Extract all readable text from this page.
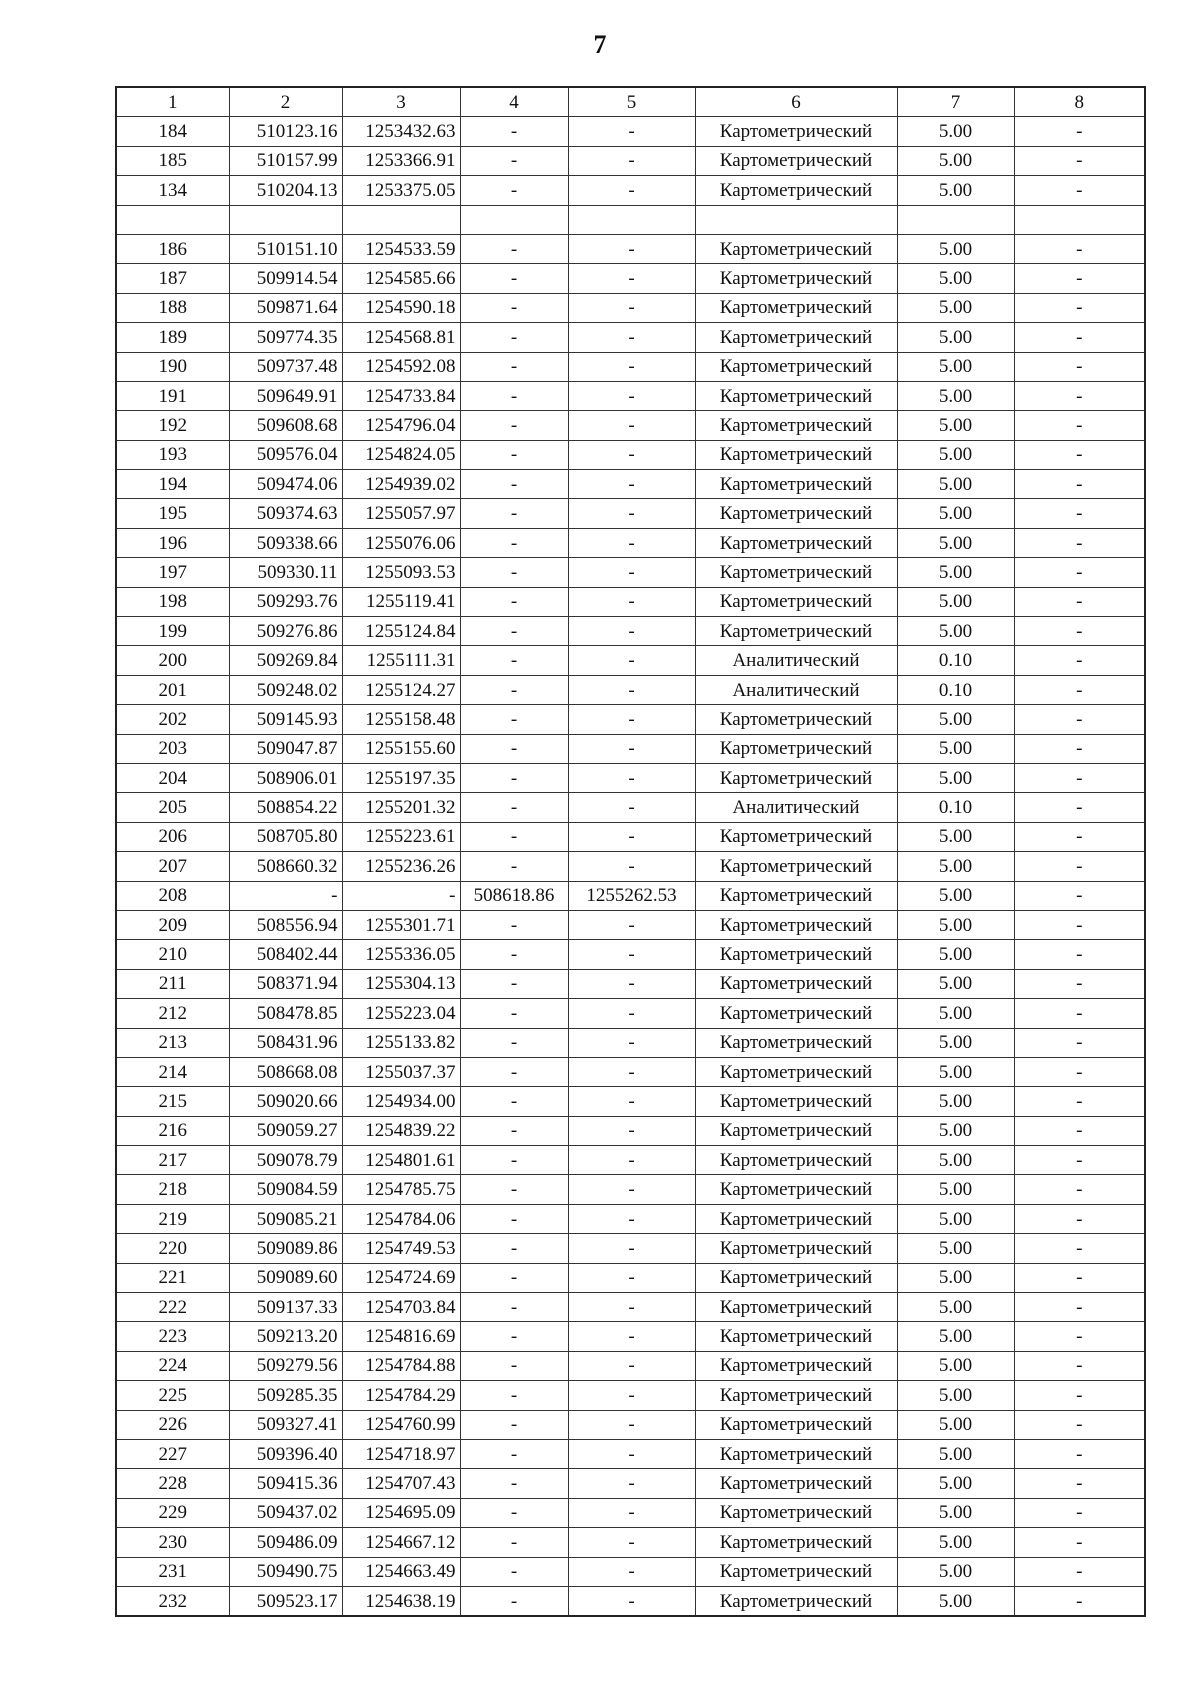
7
1	2	3	4	5	6	7	8
184	510123.16	1253432.63	-	-	Картометрический	5.00	-
185	510157.99	1253366.91	-	-	Картометрический	5.00	-
134	510204.13	1253375.05	-	-	Картометрический	5.00	-

186	510151.10	1254533.59	-	-	Картометрический	5.00	-
187	509914.54	1254585.66	-	-	Картометрический	5.00	-
188	509871.64	1254590.18	-	-	Картометрический	5.00	-
189	509774.35	1254568.81	-	-	Картометрический	5.00	-
190	509737.48	1254592.08	-	-	Картометрический	5.00	-
191	509649.91	1254733.84	-	-	Картометрический	5.00	-
192	509608.68	1254796.04	-	-	Картометрический	5.00	-
193	509576.04	1254824.05	-	-	Картометрический	5.00	-
194	509474.06	1254939.02	-	-	Картометрический	5.00	-
195	509374.63	1255057.97	-	-	Картометрический	5.00	-
196	509338.66	1255076.06	-	-	Картометрический	5.00	-
197	509330.11	1255093.53	-	-	Картометрический	5.00	-
198	509293.76	1255119.41	-	-	Картометрический	5.00	-
199	509276.86	1255124.84	-	-	Картометрический	5.00	-
200	509269.84	1255111.31	-	-	Аналитический	0.10	-
201	509248.02	1255124.27	-	-	Аналитический	0.10	-
202	509145.93	1255158.48	-	-	Картометрический	5.00	-
203	509047.87	1255155.60	-	-	Картометрический	5.00	-
204	508906.01	1255197.35	-	-	Картометрический	5.00	-
205	508854.22	1255201.32	-	-	Аналитический	0.10	-
206	508705.80	1255223.61	-	-	Картометрический	5.00	-
207	508660.32	1255236.26	-	-	Картометрический	5.00	-
208	-	-	508618.86	1255262.53	Картометрический	5.00	-
209	508556.94	1255301.71	-	-	Картометрический	5.00	-
210	508402.44	1255336.05	-	-	Картометрический	5.00	-
211	508371.94	1255304.13	-	-	Картометрический	5.00	-
212	508478.85	1255223.04	-	-	Картометрический	5.00	-
213	508431.96	1255133.82	-	-	Картометрический	5.00	-
214	508668.08	1255037.37	-	-	Картометрический	5.00	-
215	509020.66	1254934.00	-	-	Картометрический	5.00	-
216	509059.27	1254839.22	-	-	Картометрический	5.00	-
217	509078.79	1254801.61	-	-	Картометрический	5.00	-
218	509084.59	1254785.75	-	-	Картометрический	5.00	-
219	509085.21	1254784.06	-	-	Картометрический	5.00	-
220	509089.86	1254749.53	-	-	Картометрический	5.00	-
221	509089.60	1254724.69	-	-	Картометрический	5.00	-
222	509137.33	1254703.84	-	-	Картометрический	5.00	-
223	509213.20	1254816.69	-	-	Картометрический	5.00	-
224	509279.56	1254784.88	-	-	Картометрический	5.00	-
225	509285.35	1254784.29	-	-	Картометрический	5.00	-
226	509327.41	1254760.99	-	-	Картометрический	5.00	-
227	509396.40	1254718.97	-	-	Картометрический	5.00	-
228	509415.36	1254707.43	-	-	Картометрический	5.00	-
229	509437.02	1254695.09	-	-	Картометрический	5.00	-
230	509486.09	1254667.12	-	-	Картометрический	5.00	-
231	509490.75	1254663.49	-	-	Картометрический	5.00	-
232	509523.17	1254638.19	-	-	Картометрический	5.00	-
